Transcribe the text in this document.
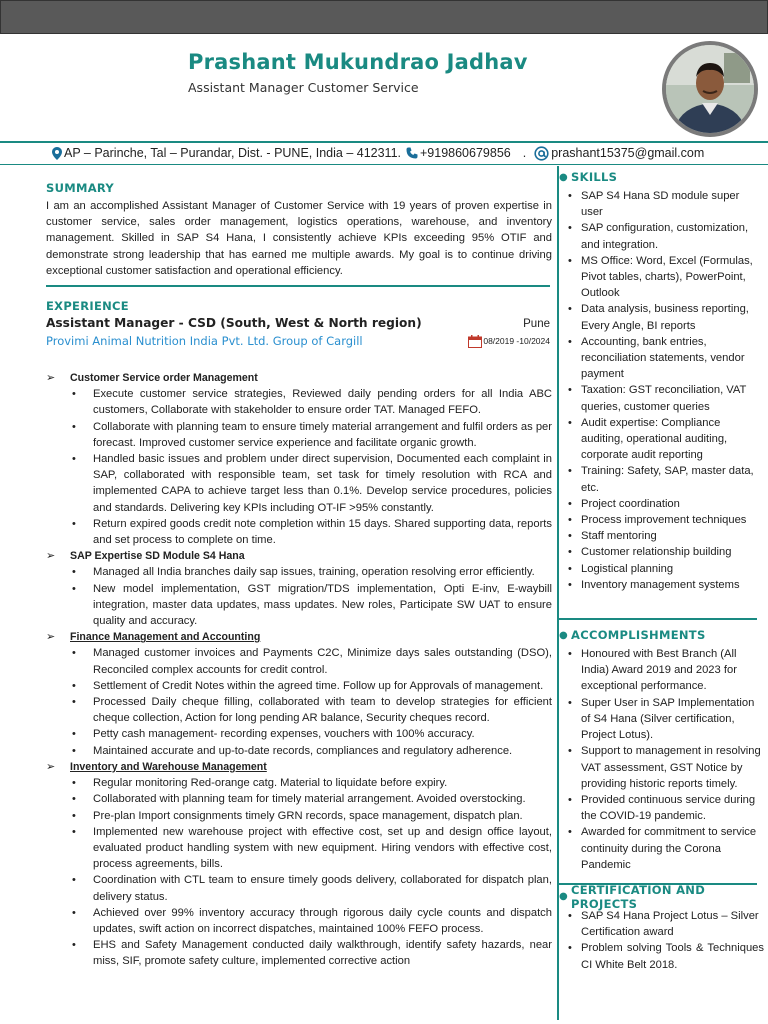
Prashant Mukundrao Jadhav
Assistant Manager Customer Service
AP – Parinche, Tal – Purandar, Dist. - PUNE, India – 412311. +919860679856 . prashant15375@gmail.com
SUMMARY
I am an accomplished Assistant Manager of Customer Service with 19 years of proven expertise in customer service, sales order management, logistics operations, warehouse, and inventory management. Skilled in SAP S4 Hana, I consistently achieve KPIs exceeding 95% OTIF and demonstrate strong leadership that has earned me multiple awards. My goal is to continue driving exceptional customer satisfaction and operational efficiency.
EXPERIENCE
Assistant Manager - CSD (South, West & North region)	Pune
Provimi Animal Nutrition India Pvt. Ltd. Group of Cargill	08/2019 -10/2024
➢ Customer Service order Management
• Execute customer service strategies, Reviewed daily pending orders for all India ABC customers, Collaborate with stakeholder to ensure order TAT. Managed FEFO.
• Collaborate with planning team to ensure timely material arrangement and fulfil orders as per forecast. Improved customer service experience and facilitate organic growth.
• Handled basic issues and problem under direct supervision, Documented each complaint in SAP, collaborated with responsible team, set task for timely resolution with RCA and implemented CAPA to achieve target less than 0.1%. Develop service procedures, policies and standards. Delivering key KPIs including OT-IF >95% constantly.
• Return expired goods credit note completion within 15 days. Shared supporting data, reports and set process to complete on time.
➢ SAP Expertise SD Module S4 Hana
• Managed all India branches daily sap issues, training, operation resolving error efficiently.
• New model implementation, GST migration/TDS implementation, Opti E-inv, E-waybill integration, master data updates, mass updates. New roles, Participate SW UAT to ensure quality and accuracy.
➢ Finance Management and Accounting
• Managed customer invoices and Payments C2C, Minimize days sales outstanding (DSO), Reconciled complex accounts for credit control.
• Settlement of Credit Notes within the agreed time. Follow up for Approvals of management.
• Processed Daily cheque filling, collaborated with team to develop strategies for efficient cheque collection, Action for long pending AR balance, Security cheques record.
• Petty cash management- recording expenses, vouchers with 100% accuracy.
• Maintained accurate and up-to-date records, compliances and regulatory adherence.
➢ Inventory and Warehouse Management
• Regular monitoring Red-orange catg. Material to liquidate before expiry.
• Collaborated with planning team for timely material arrangement. Avoided overstocking.
• Pre-plan Import consignments timely GRN records, space management, dispatch plan.
• Implemented new warehouse project with effective cost, set up and design office layout, evaluated product handling system with new equipment. Hiring vendors with effective cost, process agreements, bills.
• Coordination with CTL team to ensure timely goods delivery, collaborated for dispatch plan, delivery status.
• Achieved over 99% inventory accuracy through rigorous daily cycle counts and dispatch updates, swift action on incorrect dispatches, maintained 100% FEFO process.
• EHS and Safety Management conducted daily walkthrough, identify safety hazards, near miss, SIF, promote safety culture, implemented corrective action
● SKILLS
• SAP S4 Hana SD module super user
• SAP configuration, customization, and integration.
• MS Office: Word, Excel (Formulas, Pivot tables, charts), PowerPoint, Outlook
• Data analysis, business reporting, Every Angle, BI reports
• Accounting, bank entries, reconciliation statements, vendor payment
• Taxation: GST reconciliation, VAT queries, customer queries
• Audit expertise: Compliance auditing, operational auditing, corporate audit reporting
• Training: Safety, SAP, master data, etc.
• Project coordination
• Process improvement techniques
• Staff mentoring
• Customer relationship building
• Logistical planning
• Inventory management systems
● ACCOMPLISHMENTS
• Honoured with Best Branch (All India) Award 2019 and 2023 for exceptional performance.
• Super User in SAP Implementation of S4 Hana (Silver certification, Project Lotus).
• Support to management in resolving VAT assessment, GST Notice by providing historic reports timely.
• Provided continuous service during the COVID-19 pandemic.
• Awarded for commitment to service continuity during the Corona Pandemic
● CERTIFICATION AND PROJECTS
• SAP S4 Hana Project Lotus – Silver Certification award
• Problem solving Tools & Techniques CI White Belt 2018.
